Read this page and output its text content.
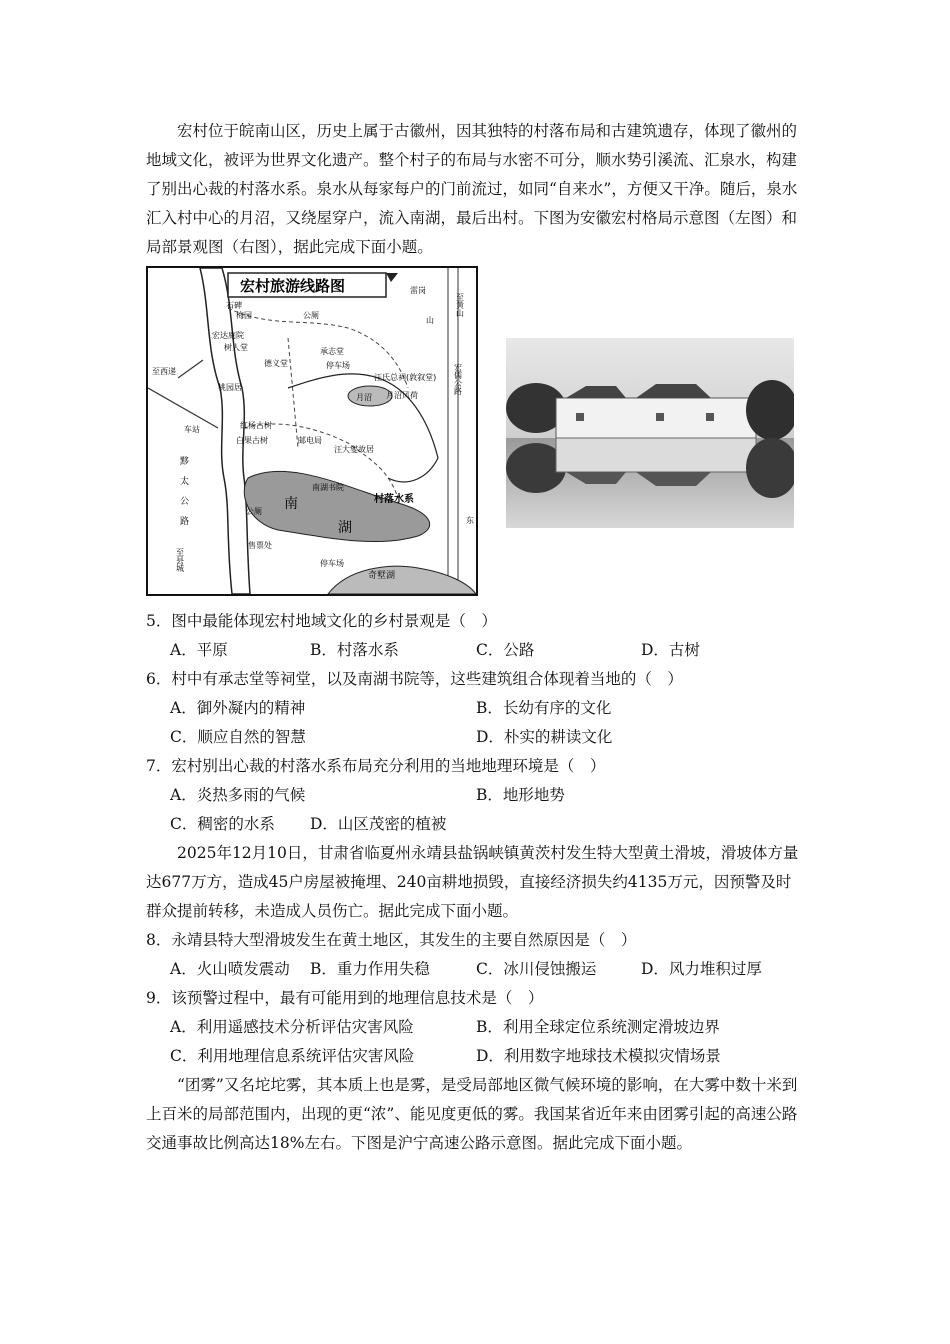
宏村位于皖南山区，历史上属于古徽州，因其独特的村落布局和古建筑遗存，体现了徽州的地域文化，被评为世界文化遗产。整个村子的布局与水密不可分，顺水势引溪流、汇泉水，构建了别出心裁的村落水系。泉水从每家每户的门前流过，如同“自来水”，方便又干净。随后，泉水汇入村中心的月沼，又绕屋穿户，流入南湖，最后出村。下图为安徽宏村格局示意图（左图）和局部景观图（右图），据此完成下面小题。
宏村旅游线路图
石碑
梅园	公厕
雷岗
山
至黄山
宏达庭院
树人堂
德义堂
承志堂
停车场	宏儒公路
汪氏总祠(敦叙堂)
月沼风荷
桃园居
月沼
红杨古树
白果古树	邮电局
汪大燮故居
车站
至西递
南湖书院
村落水系
南
湖
黟
太
公
路
至县城
公厕
售票处
停车场
奇墅湖
东
5．图中最能体现宏村地域文化的乡村景观是（　）
A．平原	B．村落水系	C．公路	D．古树
6．村中有承志堂等祠堂，以及南湖书院等，这些建筑组合体现着当地的（　）
A．御外凝内的精神	B．长幼有序的文化
C．顺应自然的智慧	D．朴实的耕读文化
7．宏村别出心裁的村落水系布局充分利用的当地地理环境是（　）
A．炎热多雨的气候	B．地形地势
C．稠密的水系 D．山区茂密的植被
2025年12月10日，甘肃省临夏州永靖县盐锅峡镇黄茨村发生特大型黄土滑坡，滑坡体方量达677万方，造成45户房屋被掩埋、240亩耕地损毁，直接经济损失约4135万元，因预警及时群众提前转移，未造成人员伤亡。据此完成下面小题。
8．永靖县特大型滑坡发生在黄土地区，其发生的主要自然原因是（　）
A．火山喷发震动 B．重力作用失稳	C．冰川侵蚀搬运	D．风力堆积过厚
9．该预警过程中，最有可能用到的地理信息技术是（　）
A．利用遥感技术分析评估灾害风险	B．利用全球定位系统测定滑坡边界
C．利用地理信息系统评估灾害风险	D．利用数字地球技术模拟灾情场景
“团雾”又名坨坨雾，其本质上也是雾，是受局部地区微气候环境的影响，在大雾中数十米到上百米的局部范围内，出现的更“浓”、能见度更低的雾。我国某省近年来由团雾引起的高速公路交通事故比例高达18%左右。下图是沪宁高速公路示意图。据此完成下面小题。
